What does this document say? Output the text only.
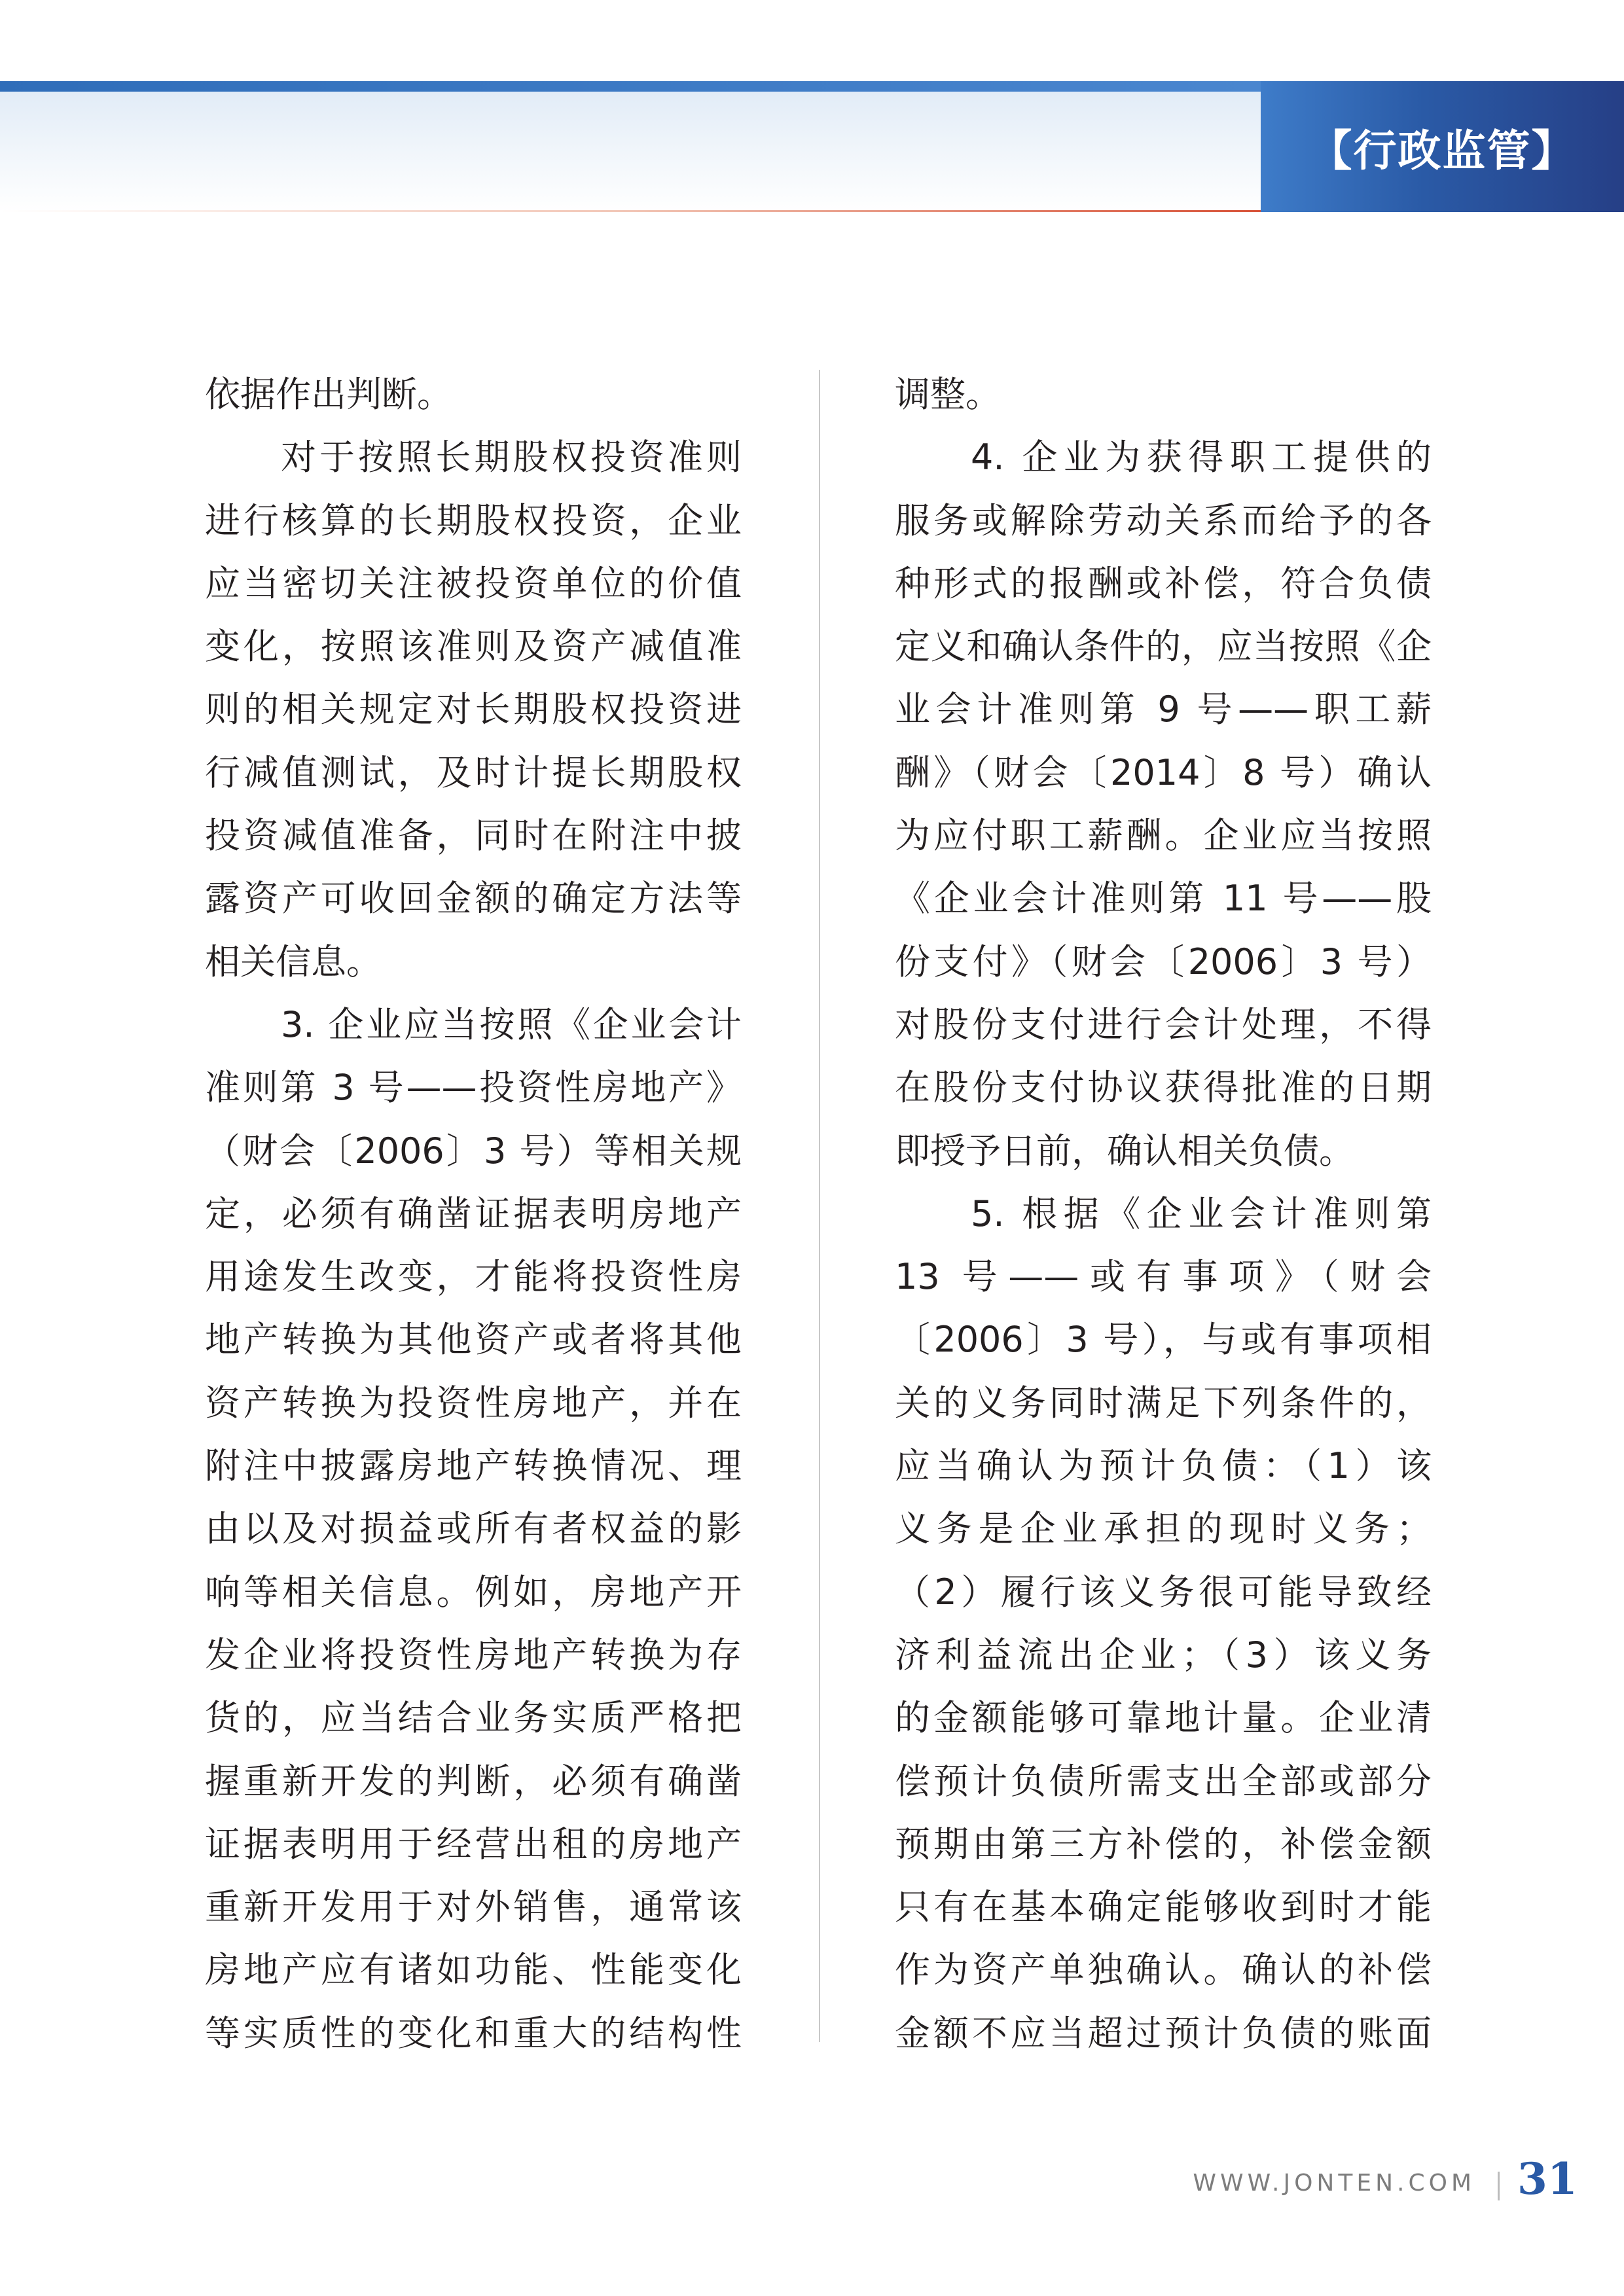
【行政监管】
依据作出判断。
对于按照长期股权投资准则
进行核算的长期股权投资，企业
应当密切关注被投资单位的价值
变化，按照该准则及资产减值准
则的相关规定对长期股权投资进
行减值测试，及时计提长期股权
投资减值准备，同时在附注中披
露资产可收回金额的确定方法等
相关信息。
3. 企业应当按照《企业会计
准则第 3 号——投资性房地产》
（财会〔2006〕3 号）等相关规
定，必须有确凿证据表明房地产
用途发生改变，才能将投资性房
地产转换为其他资产或者将其他
资产转换为投资性房地产，并在
附注中披露房地产转换情况、理
由以及对损益或所有者权益的影
响等相关信息。例如，房地产开
发企业将投资性房地产转换为存
货的，应当结合业务实质严格把
握重新开发的判断，必须有确凿
证据表明用于经营出租的房地产
重新开发用于对外销售，通常该
房地产应有诸如功能、性能变化
等实质性的变化和重大的结构性
调整。
4. 企业为获得职工提供的
服务或解除劳动关系而给予的各
种形式的报酬或补偿，符合负债
定义和确认条件的，应当按照《企
业会计准则第 9 号——职工薪
酬》（财会〔2014〕8 号）确认
为应付职工薪酬。企业应当按照
《企业会计准则第 11 号——股
份支付》（财会〔2006〕3 号）
对股份支付进行会计处理，不得
在股份支付协议获得批准的日期
即授予日前，确认相关负债。
5. 根据《企业会计准则第
13 号——或有事项》（财会
〔2006〕3 号），与或有事项相
关的义务同时满足下列条件的，
应当确认为预计负债：（1）该
义务是企业承担的现时义务；
（2）履行该义务很可能导致经
济利益流出企业；（3）该义务
的金额能够可靠地计量。企业清
偿预计负债所需支出全部或部分
预期由第三方补偿的，补偿金额
只有在基本确定能够收到时才能
作为资产单独确认。确认的补偿
金额不应当超过预计负债的账面
WWW.JONTEN.COM 31
